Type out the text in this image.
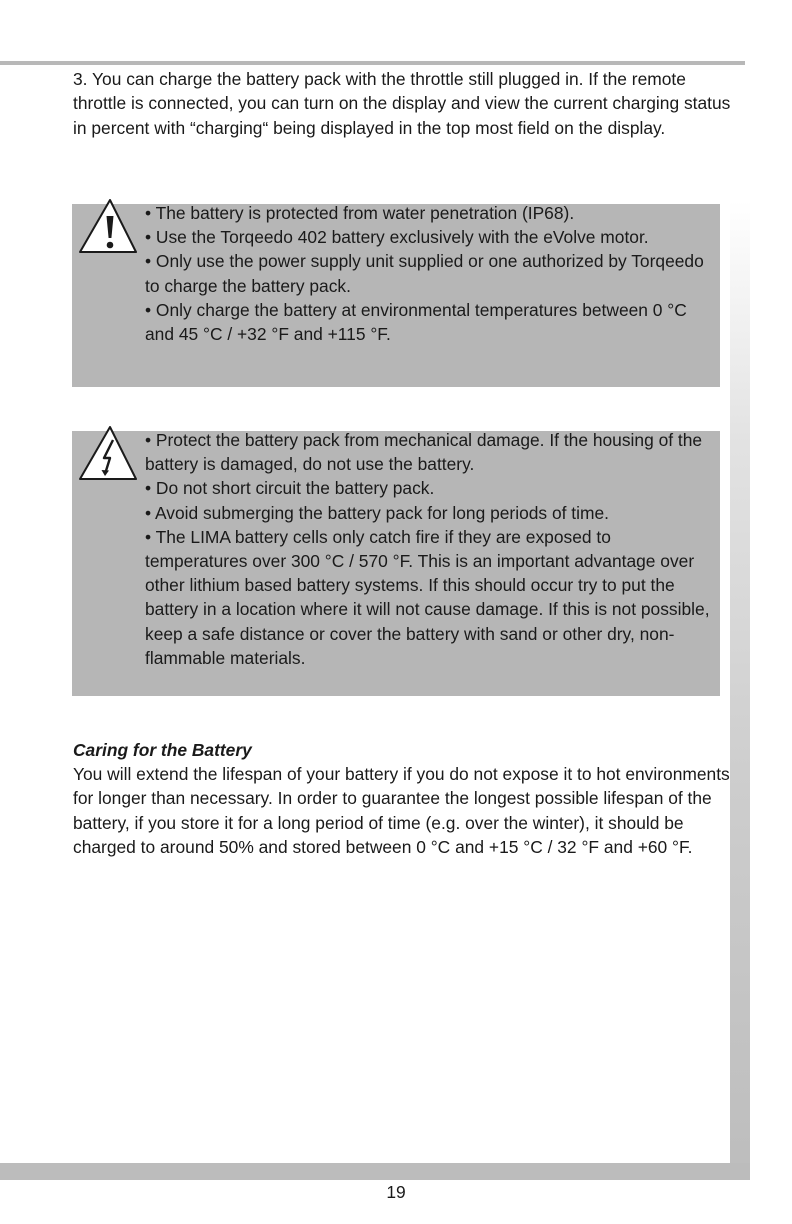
3. You can charge the battery pack with the throttle still plugged in. If the remote throttle is connected, you can turn on the display and view the current charging status in percent with “charging“ being displayed in the top most field on the display.

• The battery is protected from water penetration (IP68).
• Use the Torqeedo 402 battery exclusively with the eVolve motor.
• Only use the power supply unit supplied or one authorized by Torqeedo to charge the battery pack.
• Only charge the battery at environmental temperatures between 0 °C and 45 °C / +32 °F and +115 °F.

• Protect the battery pack from mechanical damage. If the housing of the battery is damaged, do not use the battery.
• Do not short circuit the battery pack.
• Avoid submerging the battery pack for long periods of time.
• The LIMA battery cells only catch fire if they are exposed to temperatures over 300 °C / 570 °F. This is an important advantage over other lithium based battery systems. If this should occur try to put the battery in a location where it will not cause damage. If this is not possible, keep a safe distance or cover the battery with sand or other dry, non-flammable materials.

Caring for the Battery

You will extend the lifespan of your battery if you do not expose it to hot environments for longer than necessary. In order to guarantee the longest possible lifespan of the battery, if you store it for a long period of time (e.g. over the winter), it should be charged to around 50% and stored between 0 °C and +15 °C / 32 °F and +60 °F.

19
